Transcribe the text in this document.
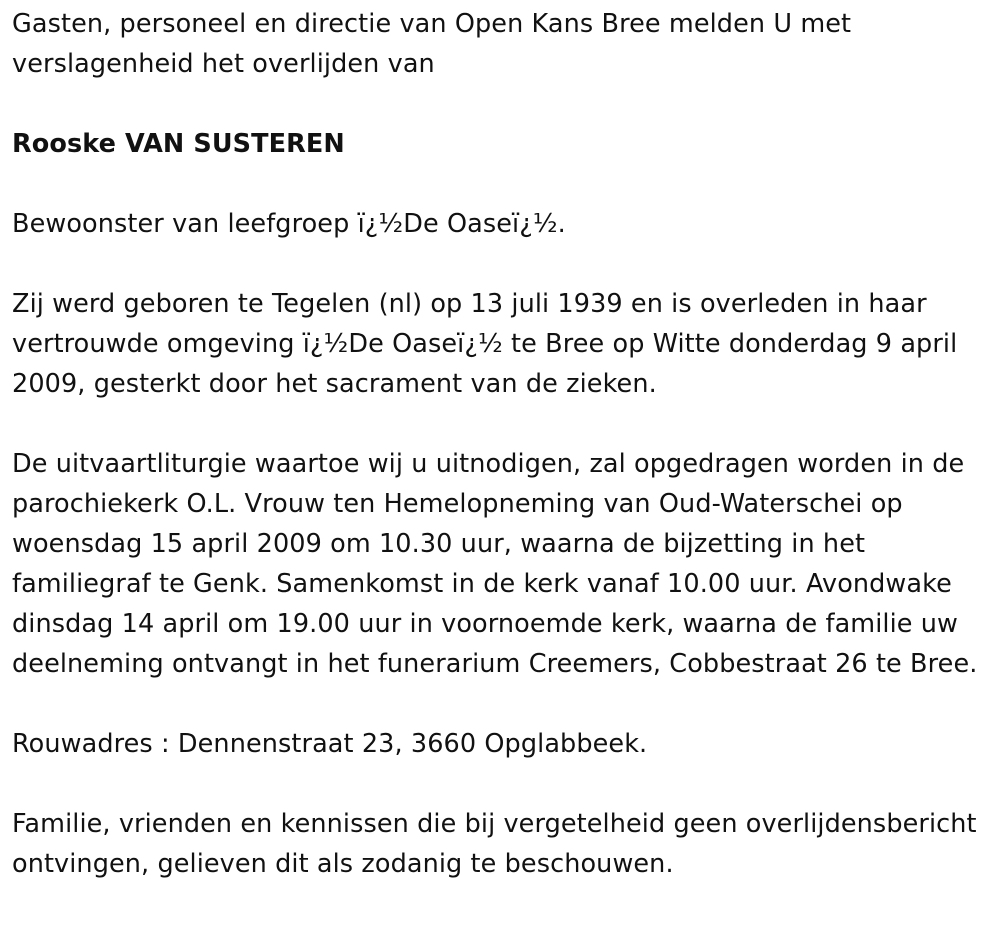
Gasten, personeel en directie van Open Kans Bree melden U met verslagenheid het overlijden van

Rooske VAN SUSTEREN

Bewoonster van leefgroep ï¿½De Oaseï¿½.

Zij werd geboren te Tegelen (nl) op 13 juli 1939 en is overleden in haar vertrouwde omgeving ï¿½De Oaseï¿½ te Bree op Witte donderdag 9 april 2009, gesterkt door het sacrament van de zieken.

De uitvaartliturgie waartoe wij u uitnodigen, zal opgedragen worden in de parochiekerk O.L. Vrouw ten Hemelopneming van Oud-Waterschei op woensdag 15 april 2009 om 10.30 uur, waarna de bijzetting in het familiegraf te Genk. Samenkomst in de kerk vanaf 10.00 uur. Avondwake dinsdag 14 april om 19.00 uur in voornoemde kerk, waarna de familie uw deelneming ontvangt in het funerarium Creemers, Cobbestraat 26 te Bree.

Rouwadres : Dennenstraat 23, 3660 Opglabbeek.

Familie, vrienden en kennissen die bij vergetelheid geen overlijdensbericht ontvingen, gelieven dit als zodanig te beschouwen.
